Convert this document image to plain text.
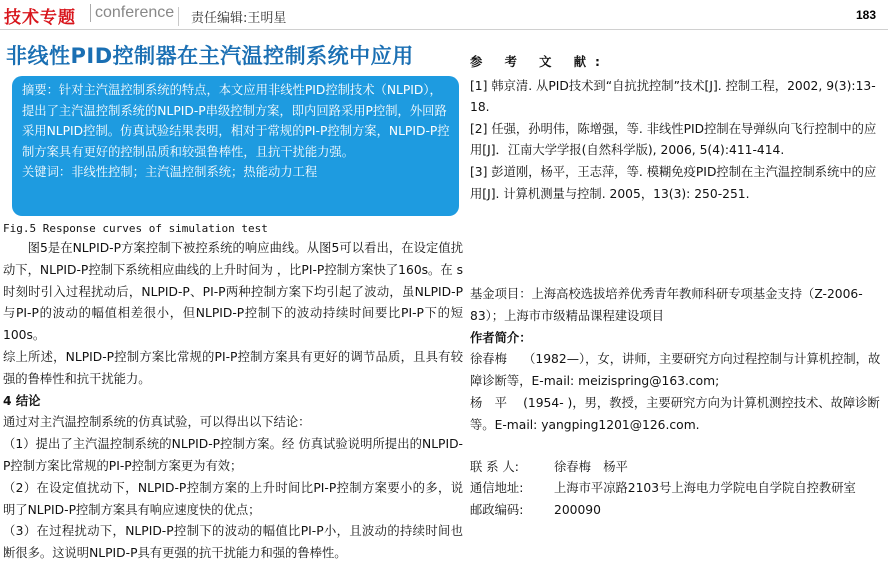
技术专题	conference	责任编辑:王明星	183
非线性PID控制器在主汽温控制系统中应用
摘要：针对主汽温控制系统的特点，本文应用非线性PID控制技术（NLPID），提出了主汽温控制系统的NLPID-P串级控制方案，即内回路采用P控制，外回路采用NLPID控制。仿真试验结果表明，相对于常规的PI-P控制方案，NLPID-P控制方案具有更好的控制品质和较强鲁棒性，且抗干扰能力强。
关键词：非线性控制；主汽温控制系统；热能动力工程
Fig.5 Response curves of simulation test

图5是在NLPID-P方案控制下被控系统的响应曲线。从图5可以看出，在设定值扰动下，NLPID-P控制下系统相应曲线的上升时间为 ，比PI-P控制方案快了160s。在 s时刻时引入过程扰动后，NLPID-P、PI-P两种控制方案下均引起了波动，虽NLPID-P与PI-P的波动的幅值相差很小，但NLPID-P控制下的波动持续时间要比PI-P下的短100s。

综上所述，NLPID-P控制方案比常规的PI-P控制方案具有更好的调节品质，且具有较强的鲁棒性和抗干扰能力。

4 结论

通过对主汽温控制系统的仿真试验，可以得出以下结论：

（1）提出了主汽温控制系统的NLPID-P控制方案。经 仿真试验说明所提出的NLPID-P控制方案比常规的PI-P控制方案更为有效；

（2）在设定值扰动下，NLPID-P控制方案的上升时间比PI-P控制方案要小的多，说明了NLPID-P控制方案具有响应速度快的优点；

（3）在过程扰动下，NLPID-P控制下的波动的幅值比PI-P小，且波动的持续时间也断很多。这说明NLPID-P具有更强的抗干扰能力和强的鲁棒性。

参 考 文 献:

[1] 韩京清. 从PID技术到“自抗扰控制”技术[J]. 控制工程，2002, 9(3):13-18.

[2] 任强，孙明伟，陈增强，等. 非线性PID控制在导弹纵向飞行控制中的应用[J]．江南大学学报(自然科学版), 2006, 5(4):411-414.

[3] 彭道刚，杨平，王志萍，等. 模糊免疫PID控制在主汽温控制系统中的应用[J]. 计算机测量与控制. 2005，13(3): 250-251.

基金项目：上海高校选拔培养优秀青年教师科研专项基金支持（Z-2006-83）；上海市市级精品课程建设项目

作者简介：

徐春梅　 （1982—），女，讲师，主要研究方向过程控制与计算机控制，故障诊断等，E-mail: meizispring@163.com;

杨　平　 (1954- )，男，教授，主要研究方向为计算机测控技术、故障诊断等。E-mail: yangping1201@126.com.

联 系 人:	徐春梅　杨平
通信地址:	上海市平凉路2103号上海电力学院电自学院自控教研室
邮政编码:	200090
